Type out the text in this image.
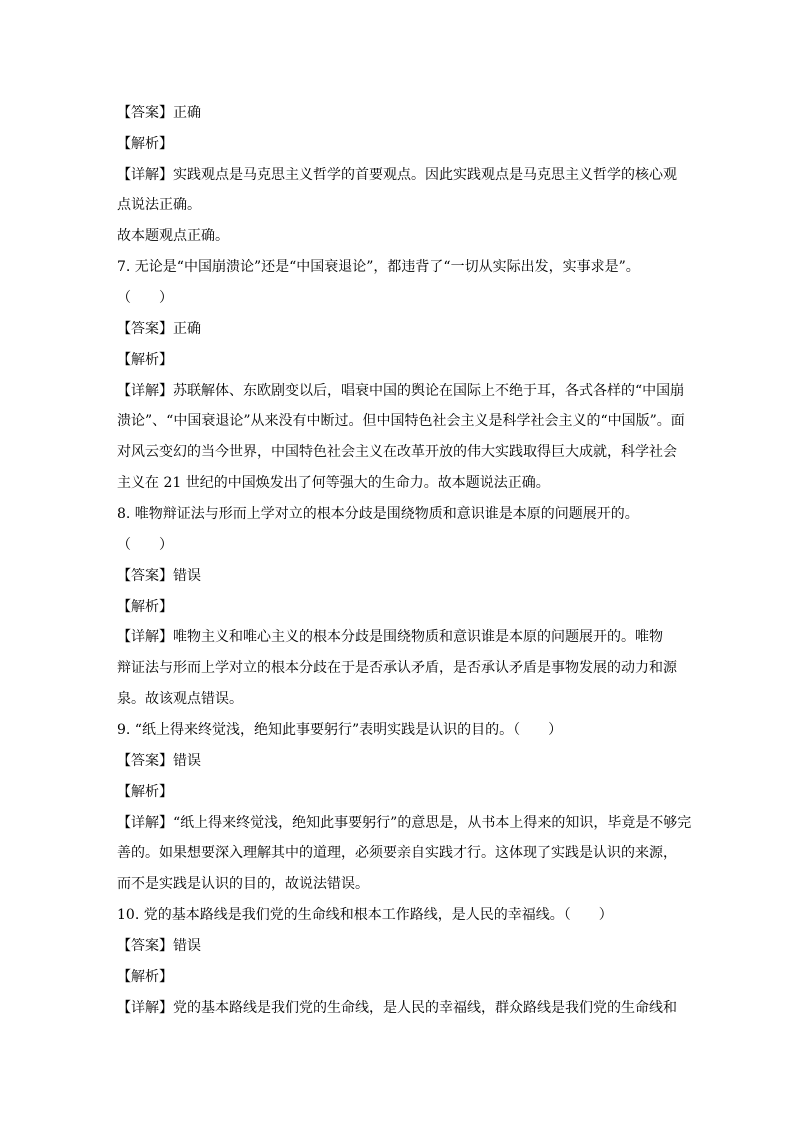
【答案】正确
【解析】
【详解】实践观点是马克思主义哲学的首要观点。因此实践观点是马克思主义哲学的核心观
点说法正确。
故本题观点正确。
7. 无论是“中国崩溃论”还是“中国衰退论”，都违背了“一切从实际出发，实事求是”。
（　　）
【答案】正确
【解析】
【详解】苏联解体、东欧剧变以后，唱衰中国的舆论在国际上不绝于耳，各式各样的“中国崩
溃论”、“中国衰退论”从来没有中断过。但中国特色社会主义是科学社会主义的“中国版”。面
对风云变幻的当今世界，中国特色社会主义在改革开放的伟大实践取得巨大成就，科学社会
主义在 21 世纪的中国焕发出了何等强大的生命力。故本题说法正确。
8. 唯物辩证法与形而上学对立的根本分歧是围绕物质和意识谁是本原的问题展开的。
（　　）
【答案】错误
【解析】
【详解】唯物主义和唯心主义的根本分歧是围绕物质和意识谁是本原的问题展开的。唯物
辩证法与形而上学对立的根本分歧在于是否承认矛盾，是否承认矛盾是事物发展的动力和源
泉。故该观点错误。
9. “纸上得来终觉浅，绝知此事要躬行”表明实践是认识的目的。（　　）
【答案】错误
【解析】
【详解】“纸上得来终觉浅，绝知此事要躬行”的意思是，从书本上得来的知识，毕竟是不够完
善的。如果想要深入理解其中的道理，必须要亲自实践才行。这体现了实践是认识的来源，
而不是实践是认识的目的，故说法错误。
10. 党的基本路线是我们党的生命线和根本工作路线，是人民的幸福线。（　　）
【答案】错误
【解析】
【详解】党的基本路线是我们党的生命线，是人民的幸福线，群众路线是我们党的生命线和
